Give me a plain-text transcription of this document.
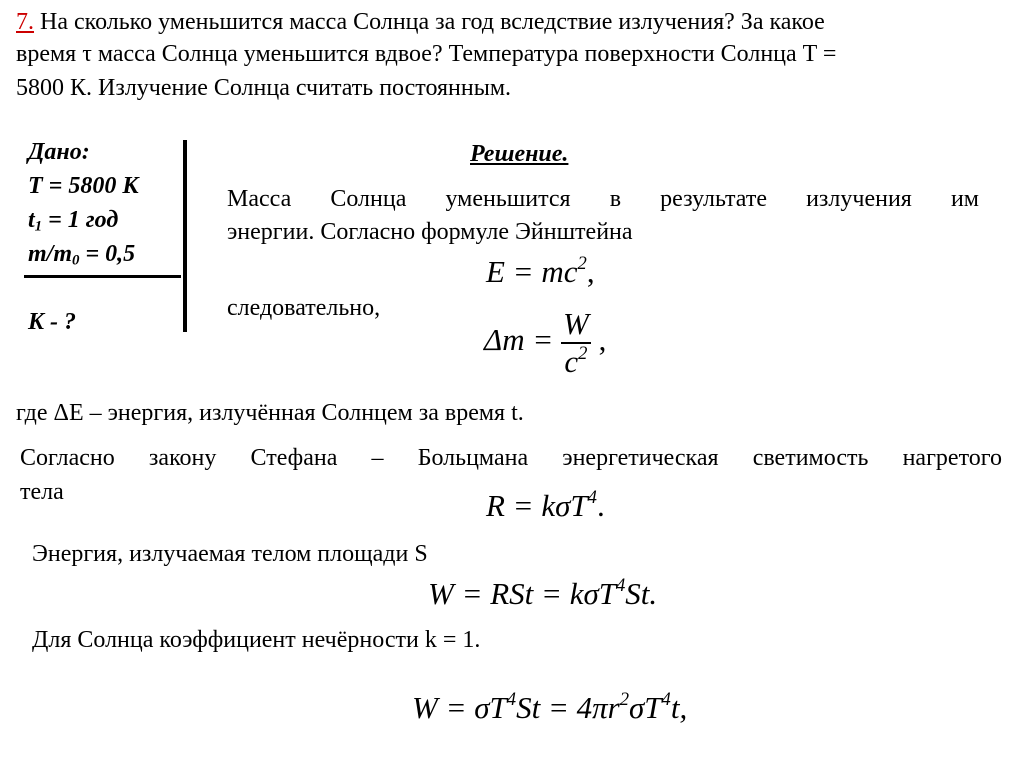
7. На сколько уменьшится масса Солнца за год вследствие излучения? За какое
время τ масса Солнца уменьшится вдвое? Температура поверхности Солнца T =
5800 К. Излучение Солнца считать постоянным.
Дано:
T = 5800 К
$t_1 = 1$ год
$m/m_0 = 0,5$
K - ?
Решение.
Масса Солнца уменьшится в результате излучения им
энергии. Согласно формуле Эйнштейна
$E = mc^2$,
следовательно,
$\Delta m = \frac{W}{c^2}$ ,
где ΔE – энергия, излучённая Солнцем за время t.
Согласно закону Стефана – Больцмана энергетическая светимость нагретого
тела	R = kσT$^4$.
Энергия, излучаемая телом площади S
W = RSt = kσT$^4$St.
Для Солнца коэффициент нечёрности k = 1.
$W = \sigma T^4St = 4\pi r^2\sigma T^4t$,
